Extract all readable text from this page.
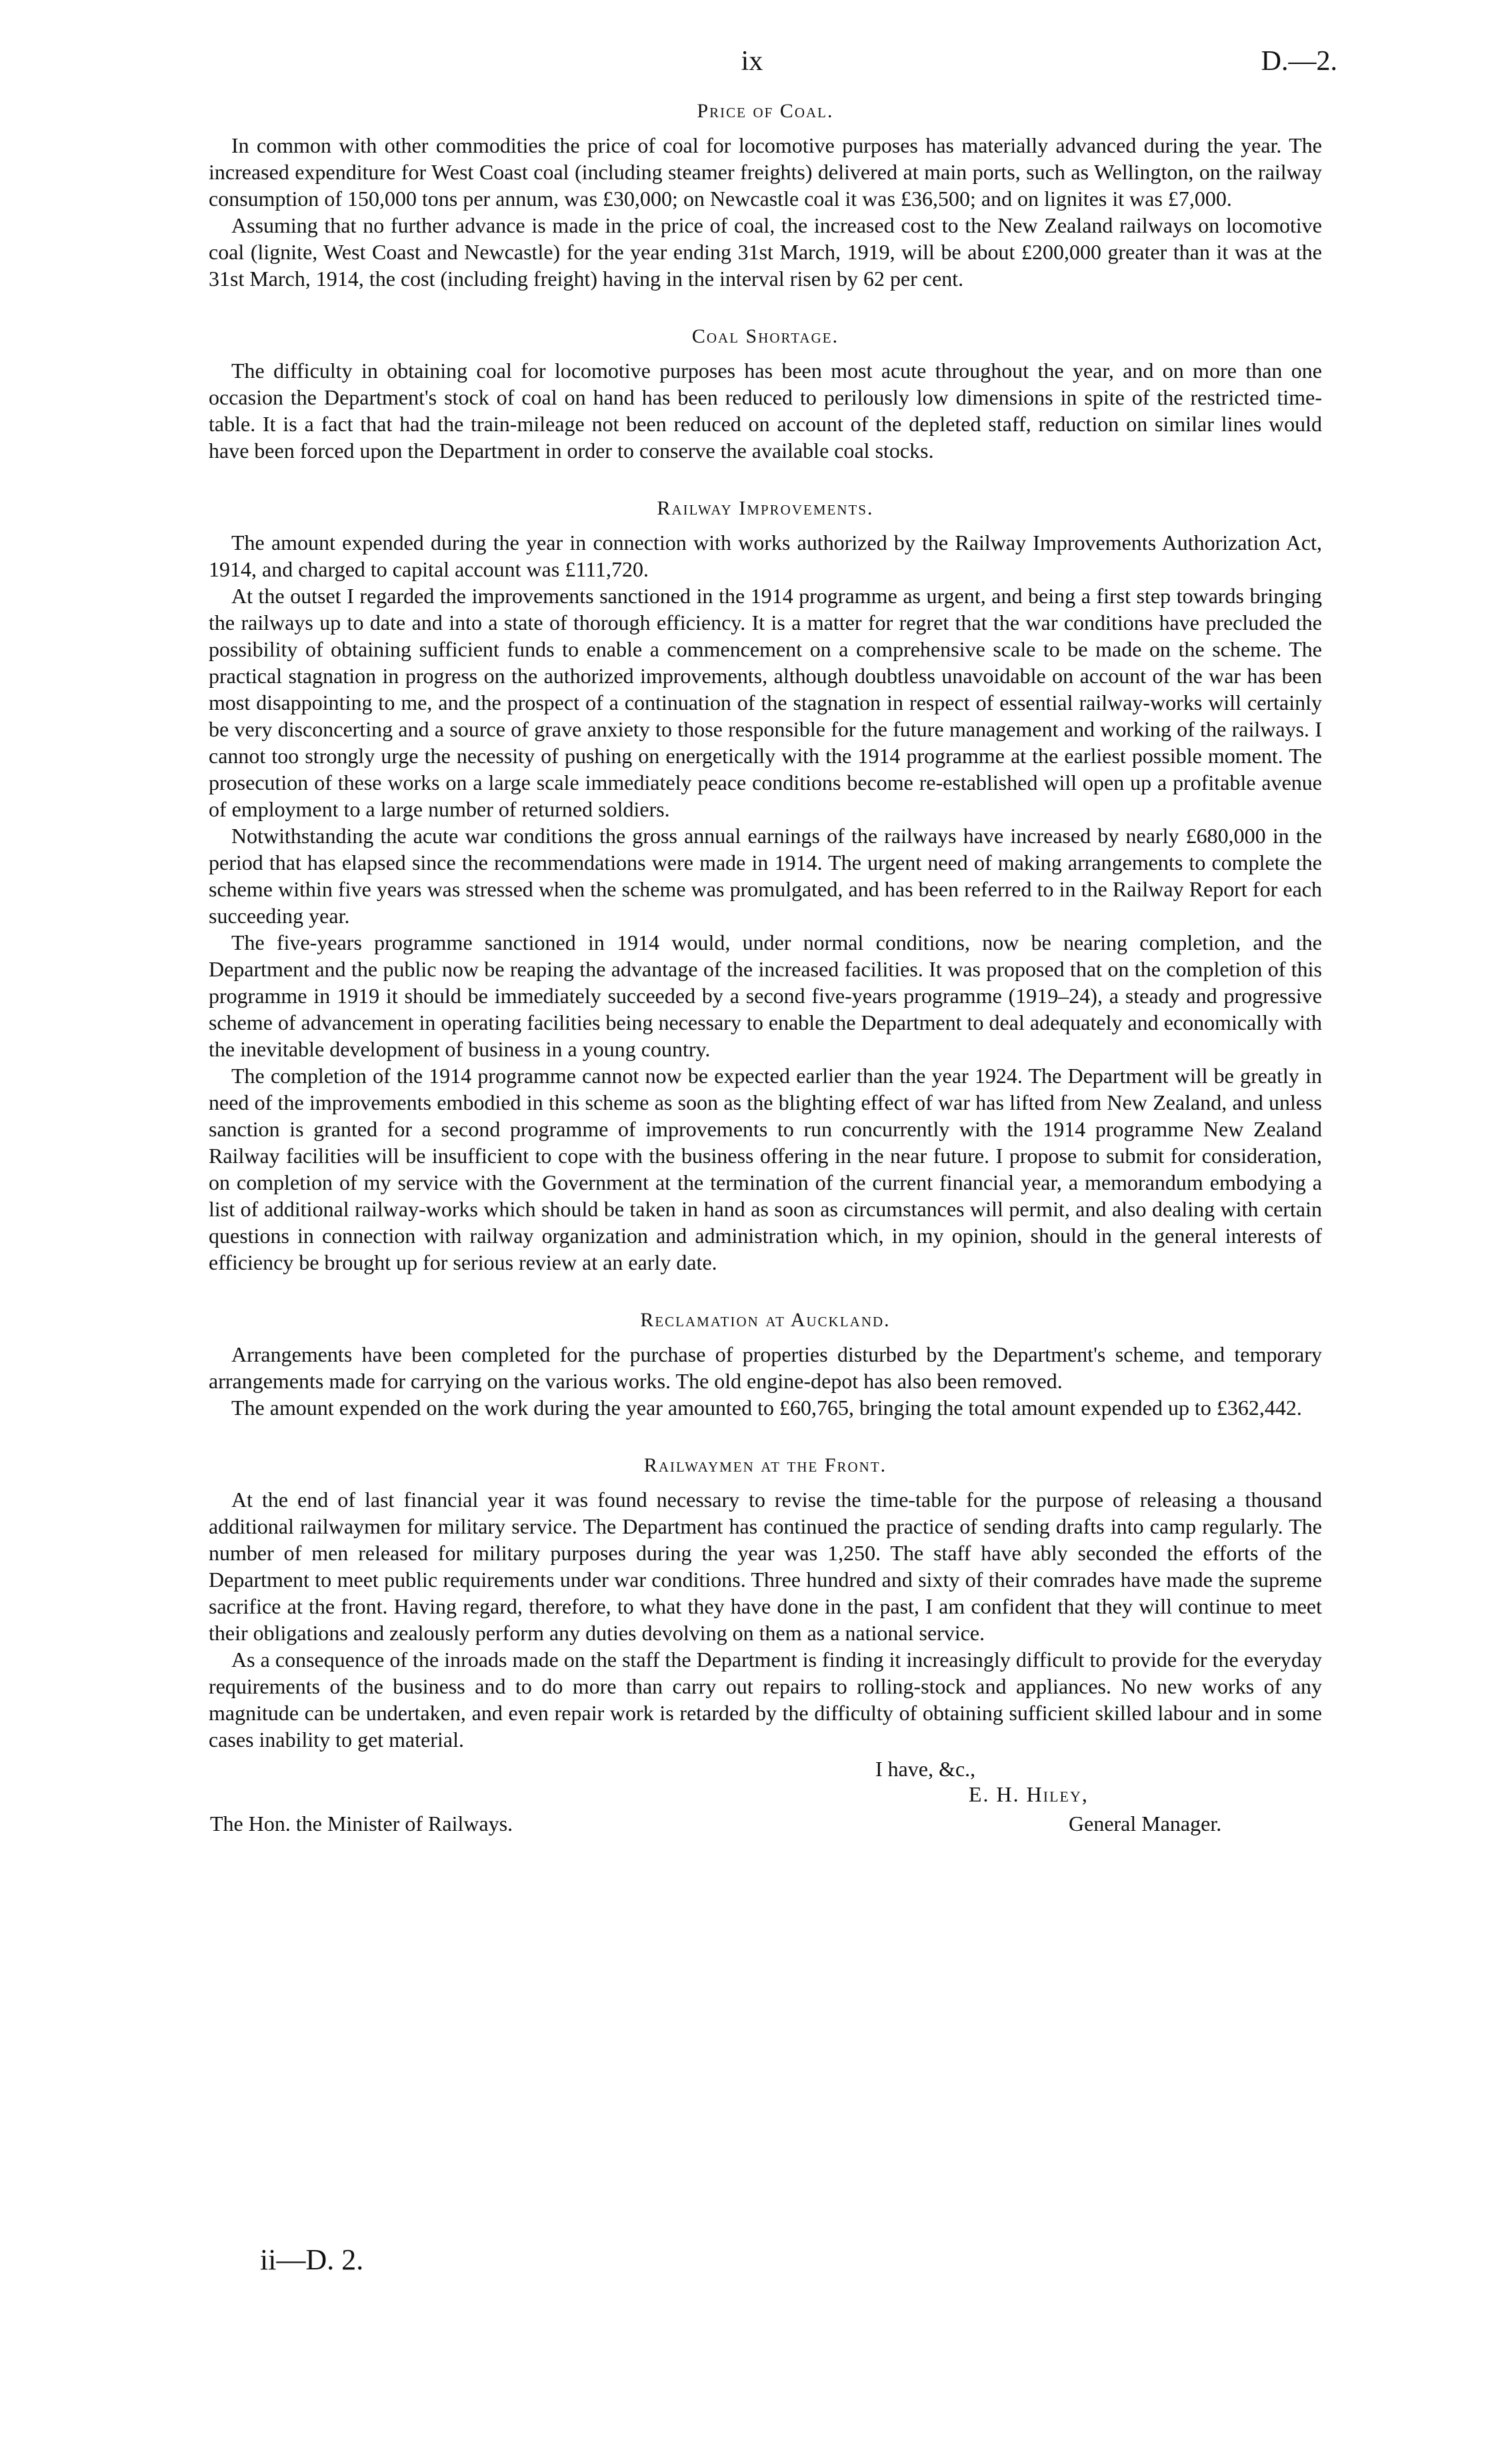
ix	D.—2.
Price of Coal.

In common with other commodities the price of coal for locomotive purposes has materially advanced during the year. The increased expenditure for West Coast coal (including steamer freights) delivered at main ports, such as Wellington, on the railway consumption of 150,000 tons per annum, was £30,000; on Newcastle coal it was £36,500; and on lignites it was £7,000.

Assuming that no further advance is made in the price of coal, the increased cost to the New Zealand railways on locomotive coal (lignite, West Coast and Newcastle) for the year ending 31st March, 1919, will be about £200,000 greater than it was at the 31st March, 1914, the cost (including freight) having in the interval risen by 62 per cent.

Coal Shortage.

The difficulty in obtaining coal for locomotive purposes has been most acute throughout the year, and on more than one occasion the Department's stock of coal on hand has been reduced to perilously low dimensions in spite of the restricted time-table. It is a fact that had the train-mileage not been reduced on account of the depleted staff, reduction on similar lines would have been forced upon the Department in order to conserve the available coal stocks.

Railway Improvements.

The amount expended during the year in connection with works authorized by the Railway Improvements Authorization Act, 1914, and charged to capital account was £111,720.

At the outset I regarded the improvements sanctioned in the 1914 programme as urgent, and being a first step towards bringing the railways up to date and into a state of thorough efficiency. It is a matter for regret that the war conditions have precluded the possibility of obtaining sufficient funds to enable a commencement on a comprehensive scale to be made on the scheme. The practical stagnation in progress on the authorized improvements, although doubtless unavoidable on account of the war has been most disappointing to me, and the prospect of a continuation of the stagnation in respect of essential railway-works will certainly be very disconcerting and a source of grave anxiety to those responsible for the future management and working of the railways. I cannot too strongly urge the necessity of pushing on energetically with the 1914 programme at the earliest possible moment. The prosecution of these works on a large scale immediately peace conditions become re-established will open up a profitable avenue of employment to a large number of returned soldiers.

Notwithstanding the acute war conditions the gross annual earnings of the railways have increased by nearly £680,000 in the period that has elapsed since the recommendations were made in 1914. The urgent need of making arrangements to complete the scheme within five years was stressed when the scheme was promulgated, and has been referred to in the Railway Report for each succeeding year.

The five-years programme sanctioned in 1914 would, under normal conditions, now be nearing completion, and the Department and the public now be reaping the advantage of the increased facilities. It was proposed that on the completion of this programme in 1919 it should be immediately succeeded by a second five-years programme (1919–24), a steady and progressive scheme of advancement in operating facilities being necessary to enable the Department to deal adequately and economically with the inevitable development of business in a young country.

The completion of the 1914 programme cannot now be expected earlier than the year 1924. The Department will be greatly in need of the improvements embodied in this scheme as soon as the blighting effect of war has lifted from New Zealand, and unless sanction is granted for a second programme of improvements to run concurrently with the 1914 programme New Zealand Railway facilities will be insufficient to cope with the business offering in the near future. I propose to submit for consideration, on completion of my service with the Government at the termination of the current financial year, a memorandum embodying a list of additional railway-works which should be taken in hand as soon as circumstances will permit, and also dealing with certain questions in connection with railway organization and administration which, in my opinion, should in the general interests of efficiency be brought up for serious review at an early date.

Reclamation at Auckland.

Arrangements have been completed for the purchase of properties disturbed by the Department's scheme, and temporary arrangements made for carrying on the various works. The old engine-depot has also been removed.

The amount expended on the work during the year amounted to £60,765, bringing the total amount expended up to £362,442.

Railwaymen at the Front.

At the end of last financial year it was found necessary to revise the time-table for the purpose of releasing a thousand additional railwaymen for military service. The Department has continued the practice of sending drafts into camp regularly. The number of men released for military purposes during the year was 1,250. The staff have ably seconded the efforts of the Department to meet public requirements under war conditions. Three hundred and sixty of their comrades have made the supreme sacrifice at the front. Having regard, therefore, to what they have done in the past, I am confident that they will continue to meet their obligations and zealously perform any duties devolving on them as a national service.

As a consequence of the inroads made on the staff the Department is finding it increasingly difficult to provide for the everyday requirements of the business and to do more than carry out repairs to rolling-stock and appliances. No new works of any magnitude can be undertaken, and even repair work is retarded by the difficulty of obtaining sufficient skilled labour and in some cases inability to get material.

I have, &c.,
E. H. Hiley,
The Hon. the Minister of Railways.	General Manager.
ii—D. 2.
